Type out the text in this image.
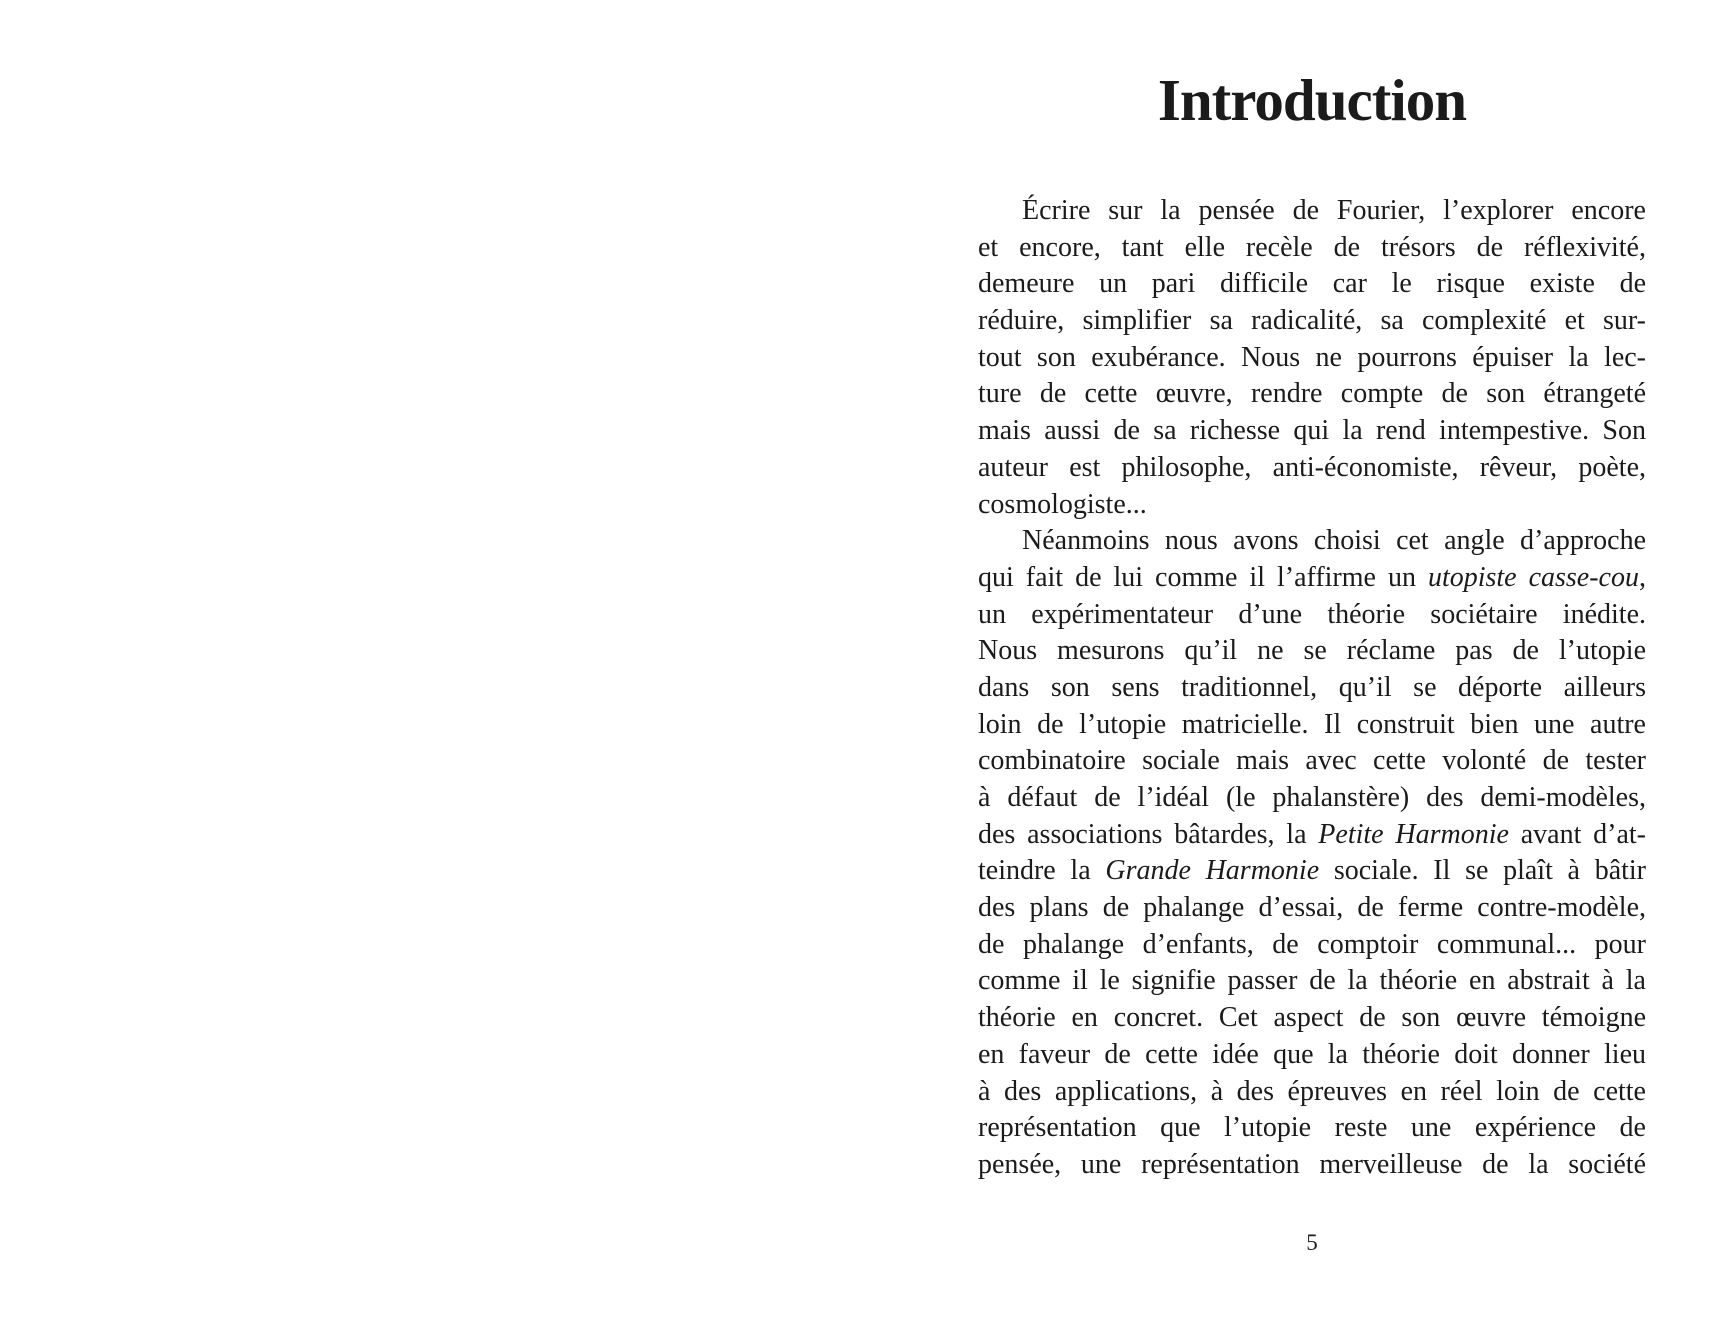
Introduction
Écrire sur la pensée de Fourier, l’explorer encore
et encore, tant elle recèle de trésors de réflexivité,
demeure un pari difficile car le risque existe de
réduire, simplifier sa radicalité, sa complexité et sur-
tout son exubérance. Nous ne pourrons épuiser la lec-
ture de cette œuvre, rendre compte de son étrangeté
mais aussi de sa richesse qui la rend intempestive. Son
auteur est philosophe, anti-économiste, rêveur, poète,
cosmologiste...
Néanmoins nous avons choisi cet angle d’approche
qui fait de lui comme il l’affirme un utopiste casse-cou,
un expérimentateur d’une théorie sociétaire inédite.
Nous mesurons qu’il ne se réclame pas de l’utopie
dans son sens traditionnel, qu’il se déporte ailleurs
loin de l’utopie matricielle. Il construit bien une autre
combinatoire sociale mais avec cette volonté de tester
à défaut de l’idéal (le phalanstère) des demi-modèles,
des associations bâtardes, la Petite Harmonie avant d’at-
teindre la Grande Harmonie sociale. Il se plaît à bâtir
des plans de phalange d’essai, de ferme contre-modèle,
de phalange d’enfants, de comptoir communal... pour
comme il le signifie passer de la théorie en abstrait à la
théorie en concret. Cet aspect de son œuvre témoigne
en faveur de cette idée que la théorie doit donner lieu
à des applications, à des épreuves en réel loin de cette
représentation que l’utopie reste une expérience de
pensée, une représentation merveilleuse de la société
5
